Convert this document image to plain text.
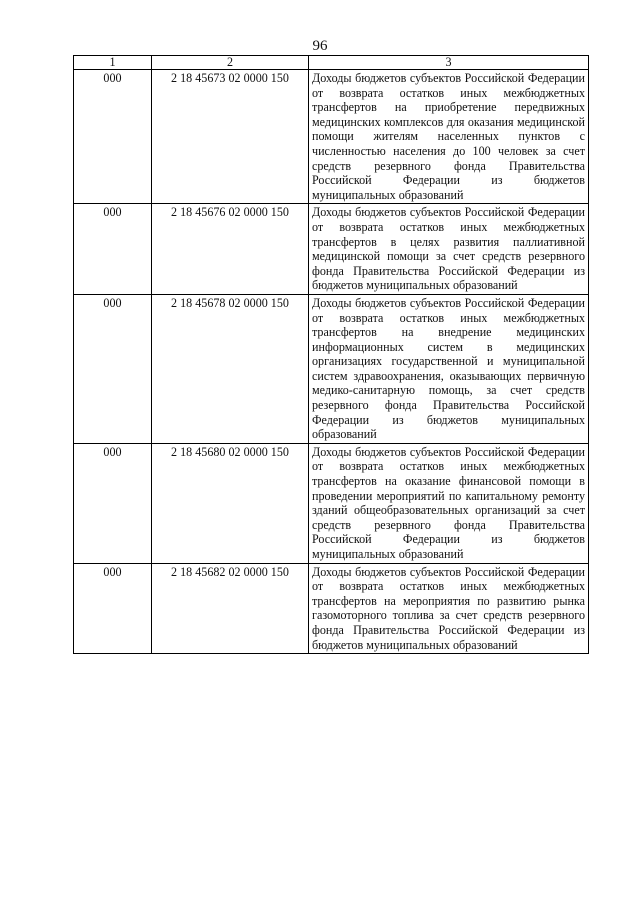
96
1	2	3
000	2 18 45673 02 0000 150	Доходы бюджетов субъектов Российской Федерации от возврата остатков иных межбюджетных трансфертов на приобретение передвижных медицинских комплексов для оказания медицинской помощи жителям населенных пунктов с численностью населения до 100 человек за счет средств резервного фонда Правительства Российской Федерации из бюджетов муниципальных образований
000	2 18 45676 02 0000 150	Доходы бюджетов субъектов Российской Федерации от возврата остатков иных межбюджетных трансфертов в целях развития паллиативной медицинской помощи за счет средств резервного фонда Правительства Российской Федерации из бюджетов муниципальных образований
000	2 18 45678 02 0000 150	Доходы бюджетов субъектов Российской Федерации от возврата остатков иных межбюджетных трансфертов на внедрение медицинских информационных систем в медицинских организациях государственной и муниципальной систем здравоохранения, оказывающих первичную медико-санитарную помощь, за счет средств резервного фонда Правительства Российской Федерации из бюджетов муниципальных образований
000	2 18 45680 02 0000 150	Доходы бюджетов субъектов Российской Федерации от возврата остатков иных межбюджетных трансфертов на оказание финансовой помощи в проведении мероприятий по капитальному ремонту зданий общеобразовательных организаций за счет средств резервного фонда Правительства Российской Федерации из бюджетов муниципальных образований
000	2 18 45682 02 0000 150	Доходы бюджетов субъектов Российской Федерации от возврата остатков иных межбюджетных трансфертов на мероприятия по развитию рынка газомоторного топлива за счет средств резервного фонда Правительства Российской Федерации из бюджетов муниципальных образований
